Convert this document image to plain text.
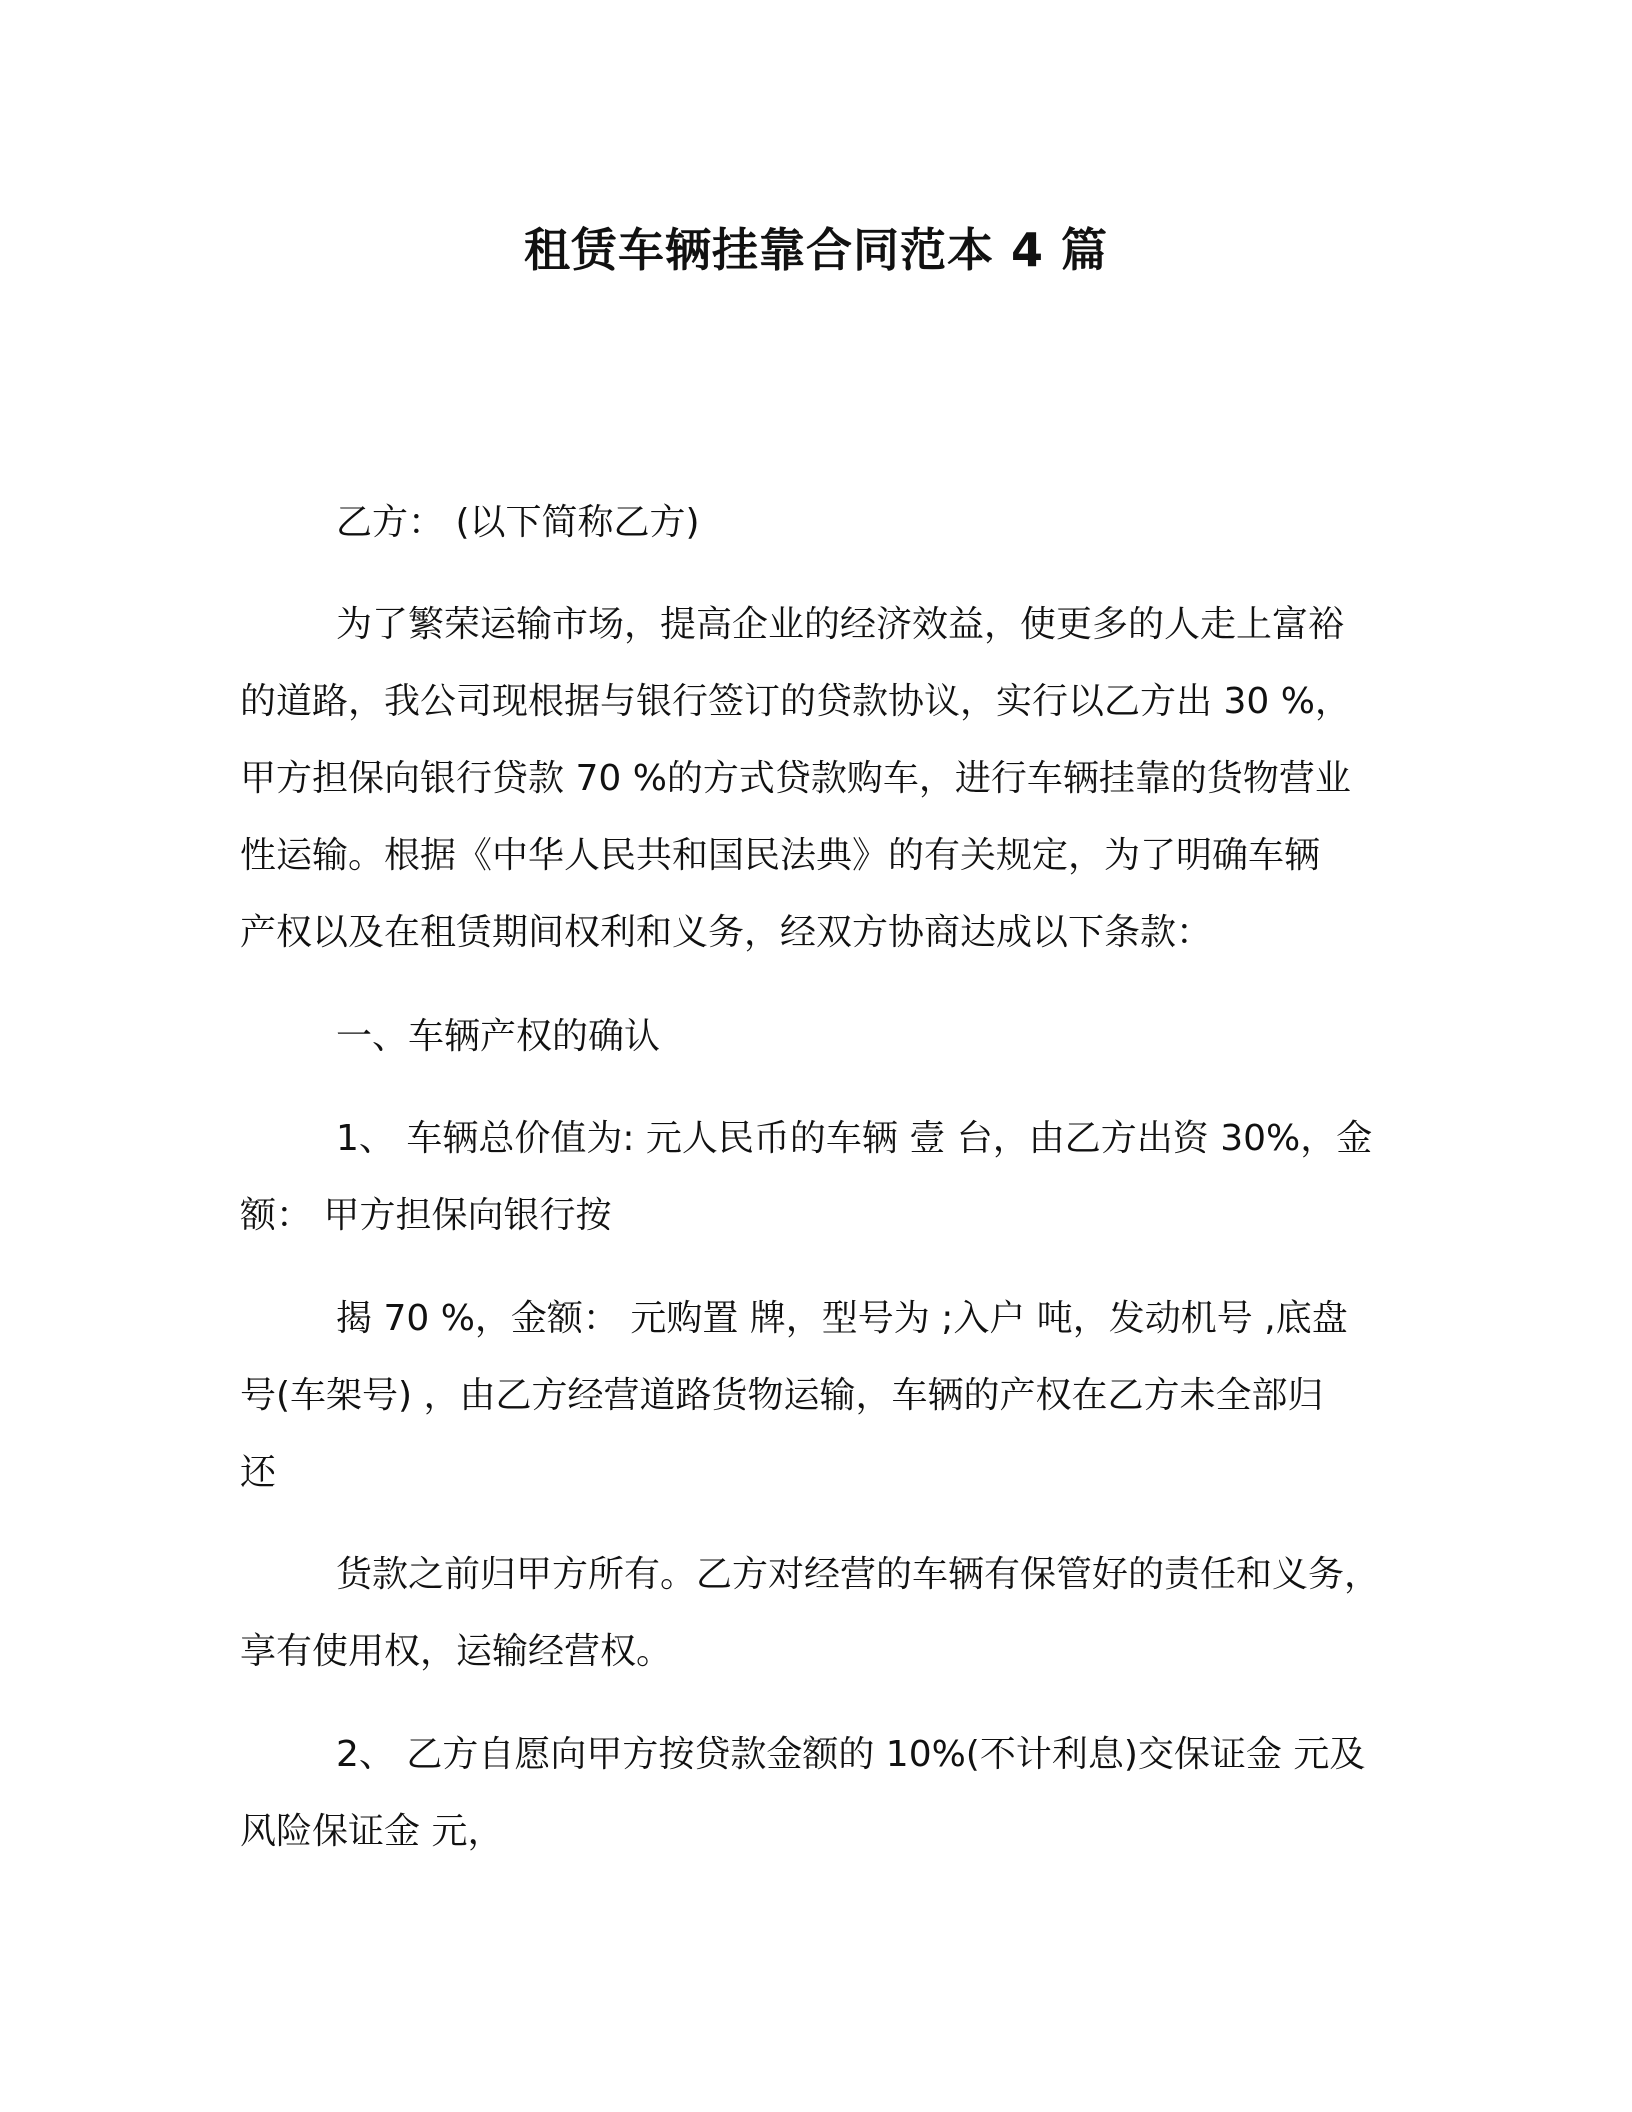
租赁车辆挂靠合同范本 4 篇
乙方： (以下简称乙方)
为了繁荣运输市场，提高企业的经济效益，使更多的人走上富裕
的道路，我公司现根据与银行签订的贷款协议，实行以乙方出 30 %，
甲方担保向银行贷款 70 %的方式贷款购车，进行车辆挂靠的货物营业
性运输。根据《中华人民共和国民法典》的有关规定，为了明确车辆
产权以及在租赁期间权利和义务，经双方协商达成以下条款：
一、车辆产权的确认
1、 车辆总价值为: 元人民币的车辆 壹 台，由乙方出资 30%，金
额： 甲方担保向银行按
揭 70 %，金额： 元购置 牌，型号为 ;入户 吨，发动机号 ,底盘
号(车架号) ，由乙方经营道路货物运输，车辆的产权在乙方未全部归
还
货款之前归甲方所有。乙方对经营的车辆有保管好的责任和义务，
享有使用权，运输经营权。
2、 乙方自愿向甲方按贷款金额的 10%(不计利息)交保证金 元及
风险保证金 元，
